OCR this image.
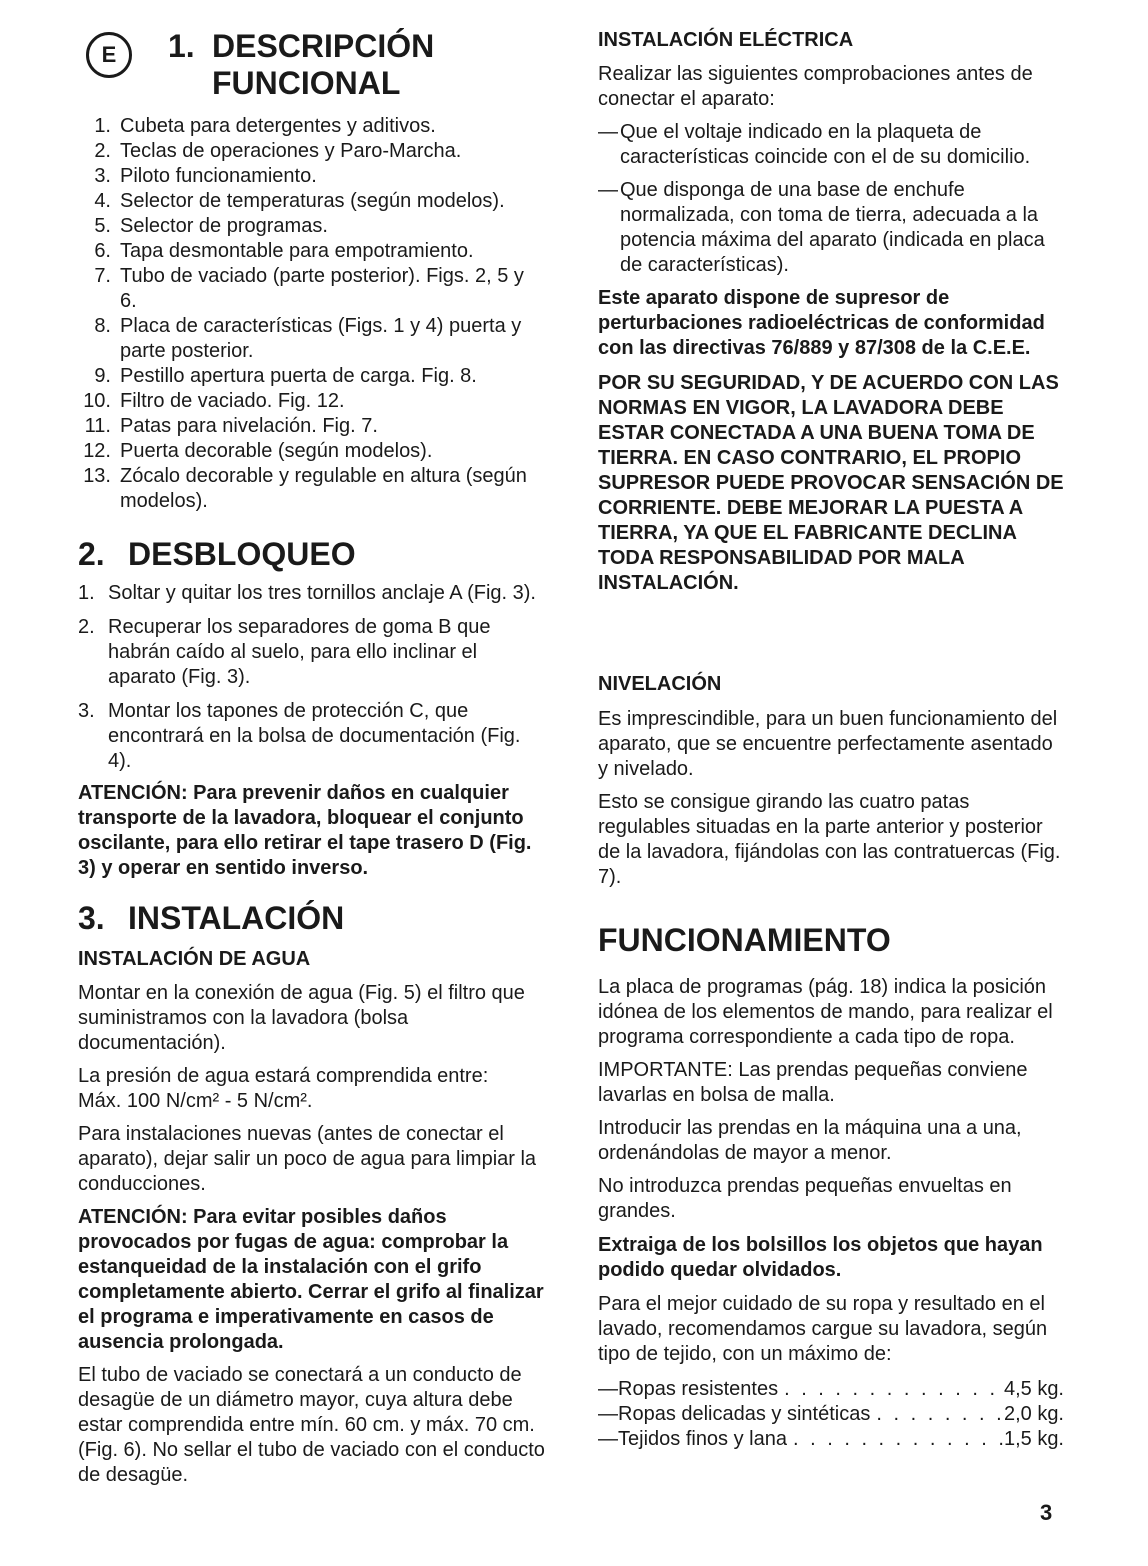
E	1. DESCRIPCIÓN
FUNCIONAL
1. Cubeta para detergentes y aditivos.
2. Teclas de operaciones y Paro-Marcha.
3. Piloto funcionamiento.
4. Selector de temperaturas (según modelos).
5. Selector de programas.
6. Tapa desmontable para empotramiento.
7. Tubo de vaciado (parte posterior). Figs. 2, 5 y 6.
8. Placa de características (Figs. 1 y 4) puerta y parte posterior.
9. Pestillo apertura puerta de carga. Fig. 8.
10. Filtro de vaciado. Fig. 12.
11. Patas para nivelación. Fig. 7.
12. Puerta decorable (según modelos).
13. Zócalo decorable y regulable en altura (según modelos).
2. DESBLOQUEO
1. Soltar y quitar los tres tornillos anclaje A (Fig. 3).
2. Recuperar los separadores de goma B que habrán caído al suelo, para ello inclinar el aparato (Fig. 3).
3. Montar los tapones de protección C, que encontrará en la bolsa de documentación (Fig. 4).

ATENCIÓN: Para prevenir daños en cualquier transporte de la lavadora, bloquear el conjunto oscilante, para ello retirar el tape trasero D (Fig. 3) y operar en sentido inverso.

3. INSTALACIÓN

INSTALACIÓN DE AGUA

Montar en la conexión de agua (Fig. 5) el filtro que suministramos con la lavadora (bolsa documentación).

La presión de agua estará comprendida entre:

Máx. 100 N/cm² - 5 N/cm².

Para instalaciones nuevas (antes de conectar el aparato), dejar salir un poco de agua para limpiar la conducciones.

ATENCIÓN: Para evitar posibles daños provocados por fugas de agua: comprobar la estanqueidad de la instalación con el grifo completamente abierto. Cerrar el grifo al finalizar el programa e imperativamente en casos de ausencia prolongada.

El tubo de vaciado se conectará a un conducto de desagüe de un diámetro mayor, cuya altura debe estar comprendida entre mín. 60 cm. y máx. 70 cm. (Fig. 6). No sellar el tubo de vaciado con el conducto de desagüe.

INSTALACIÓN ELÉCTRICA

Realizar las siguientes comprobaciones antes de conectar el aparato:

— Que el voltaje indicado en la plaqueta de características coincide con el de su domicilio.

— Que disponga de una base de enchufe normalizada, con toma de tierra, adecuada a la potencia máxima del aparato (indicada en placa de características).

Este aparato dispone de supresor de perturbaciones radioeléctricas de conformidad con las directivas 76/889 y 87/308 de la C.E.E.

POR SU SEGURIDAD, Y DE ACUERDO CON LAS NORMAS EN VIGOR, LA LAVADORA DEBE ESTAR CONECTADA A UNA BUENA TOMA DE TIERRA. EN CASO CONTRARIO, EL PROPIO SUPRESOR PUEDE PROVOCAR SENSACIÓN DE CORRIENTE. DEBE MEJORAR LA PUESTA A TIERRA, YA QUE EL FABRICANTE DECLINA TODA RESPONSABILIDAD POR MALA INSTALACIÓN.

NIVELACIÓN

Es imprescindible, para un buen funcionamiento del aparato, que se encuentre perfectamente asentado y nivelado.

Esto se consigue girando las cuatro patas regulables situadas en la parte anterior y posterior de la lavadora, fijándolas con las contratuercas (Fig. 7).

FUNCIONAMIENTO

La placa de programas (pág. 18) indica la posición idónea de los elementos de mando, para realizar el programa correspondiente a cada tipo de ropa.

IMPORTANTE: Las prendas pequeñas conviene lavarlas en bolsa de malla.

Introducir las prendas en la máquina una a una, ordenándolas de mayor a menor.

No introduzca prendas pequeñas envueltas en grandes.

Extraiga de los bolsillos los objetos que hayan podido quedar olvidados.

Para el mejor cuidado de su ropa y resultado en el lavado, recomendamos cargue su lavadora, según tipo de tejido, con un máximo de:

—Ropas resistentes . . .	4,5 kg.
—Ropas delicadas y sintéticas . . .	2,0 kg.
—Tejidos finos y lana . . .	1,5 kg.
3
